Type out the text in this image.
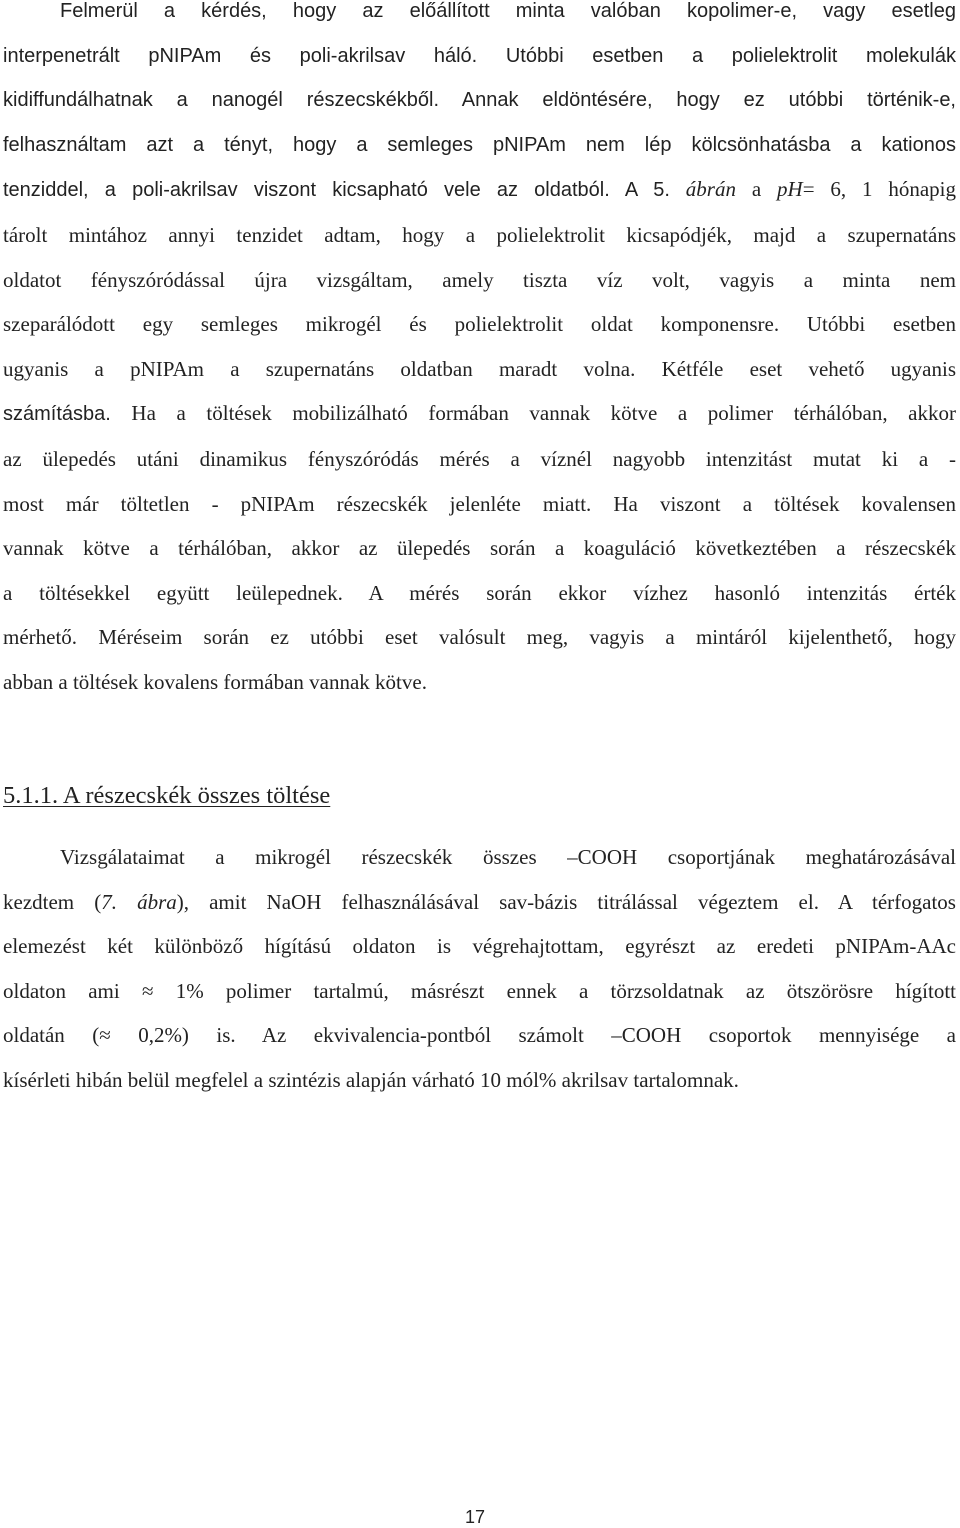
Felmerül a kérdés, hogy az előállított minta valóban kopolimer-e, vagy esetleg
interpenetrált pNIPAm és poli-akrilsav háló. Utóbbi esetben a polielektrolit molekulák
kidiffundálhatnak a nanogél részecskékből. Annak eldöntésére, hogy ez utóbbi történik-e,
felhasználtam azt a tényt, hogy a semleges pNIPAm nem lép kölcsönhatásba a kationos
tenziddel, a poli-akrilsav viszont kicsapható vele az oldatból. A 5. ábrán a pH= 6, 1 hónapig
tárolt mintához annyi tenzidet adtam, hogy a polielektrolit kicsapódjék, majd a szupernatáns
oldatot fényszóródással újra vizsgáltam, amely tiszta víz volt, vagyis a minta nem
szeparálódott egy semleges mikrogél és polielektrolit oldat komponensre. Utóbbi esetben
ugyanis a pNIPAm a szupernatáns oldatban maradt volna. Kétféle eset vehető ugyanis
számításba. Ha a töltések mobilizálható formában vannak kötve a polimer térhálóban, akkor
az ülepedés utáni dinamikus fényszóródás mérés a víznél nagyobb intenzitást mutat ki a -
most már töltetlen - pNIPAm részecskék jelenléte miatt. Ha viszont a töltések kovalensen
vannak kötve a térhálóban, akkor az ülepedés során a koaguláció következtében a részecskék
a töltésekkel együtt leülepednek. A mérés során ekkor vízhez hasonló intenzitás érték
mérhető. Méréseim során ez utóbbi eset valósult meg, vagyis a mintáról kijelenthető, hogy
abban a töltések kovalens formában vannak kötve.
5.1.1. A részecskék összes töltése
Vizsgálataimat a mikrogél részecskék összes –COOH csoportjának meghatározásával
kezdtem (7. ábra), amit NaOH felhasználásával sav-bázis titrálással végeztem el. A térfogatos
elemezést két különböző hígítású oldaton is végrehajtottam, egyrészt az eredeti pNIPAm-AAc
oldaton ami ≈ 1% polimer tartalmú, másrészt ennek a törzsoldatnak az ötszörösre hígított
oldatán (≈ 0,2%) is. Az ekvivalencia-pontból számolt –COOH csoportok mennyisége a
kísérleti hibán belül megfelel a szintézis alapján várható 10 mól% akrilsav tartalomnak.
17
